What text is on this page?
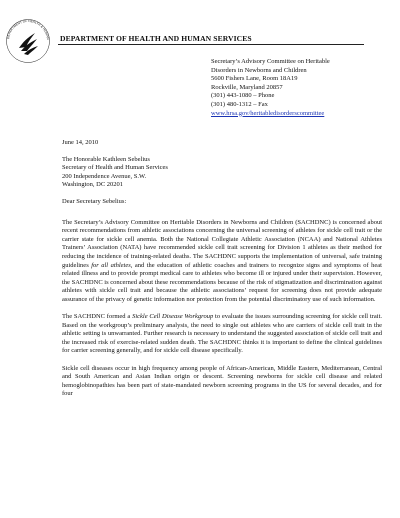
DEPARTMENT OF HEALTH & HUMAN DEPARTMENT OF HEALTH AND HUMAN SERVICES
Secretary’s Advisory Committee on Heritable
Disorders in Newborns and Children
5600 Fishers Lane, Room 18A19
Rockville, Maryland 20857
(301) 443-1080 – Phone
(301) 480-1312 – Fax
www.hrsa.gov/heritabledisorderscommittee
June 14, 2010
The Honorable Kathleen Sebelius
Secretary of Health and Human Services
200 Independence Avenue, S.W.
Washington, DC 20201
Dear Secretary Sebelius:

The Secretary’s Advisory Committee on Heritable Disorders in Newborns and Children (SACHDNC) is concerned about recent recommendations from athletic associations concerning the universal screening of athletes for sickle cell trait or the carrier state for sickle cell anemia. Both the National Collegiate Athletic Association (NCAA) and National Athletes Trainers’ Association (NATA) have recommended sickle cell trait screening for Division 1 athletes as their method for reducing the incidence of training-related deaths. The SACHDNC supports the implementation of universal, safe training guidelines for all athletes, and the education of athletic coaches and trainers to recognize signs and symptoms of heat related illness and to provide prompt medical care to athletes who become ill or injured under their supervision. However, the SACHDNC is concerned about these recommendations because of the risk of stigmatization and discrimination against athletes with sickle cell trait and because the athletic associations’ request for screening does not provide adequate assurance of the privacy of genetic information nor protection from the potential discriminatory use of such information.

The SACHDNC formed a Sickle Cell Disease Workgroup to evaluate the issues surrounding screening for sickle cell trait. Based on the workgroup’s preliminary analysis, the need to single out athletes who are carriers of sickle cell trait in the athletic setting is unwarranted. Further research is necessary to understand the suggested association of sickle cell trait and the increased risk of exercise-related sudden death. The SACHDNC thinks it is important to define the clinical guidelines for carrier screening generally, and for sickle cell disease specifically.

Sickle cell diseases occur in high frequency among people of African-American, Middle Eastern, Mediterranean, Central and South American and Asian Indian origin or descent. Screening newborns for sickle cell disease and related hemoglobinopathies has been part of state-mandated newborn screening programs in the US for several decades, and for four
